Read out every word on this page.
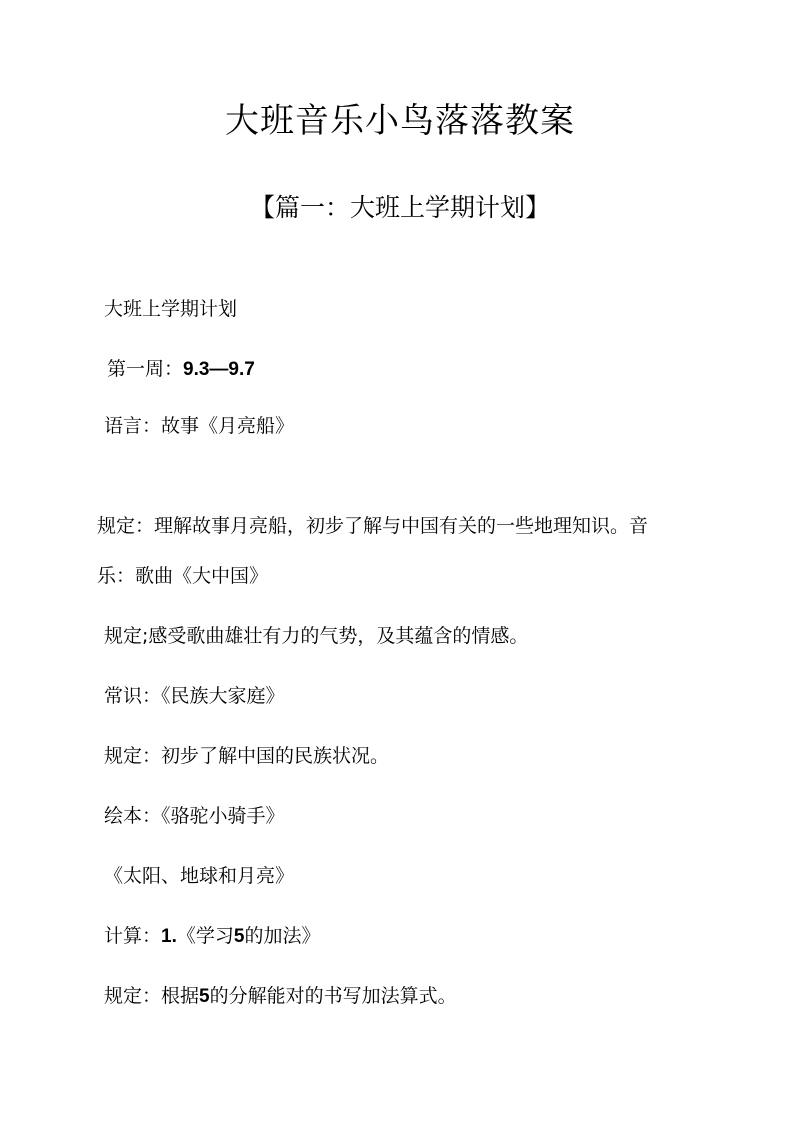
大班音乐小鸟落落教案
【篇一：大班上学期计划】

大班上学期计划

第一周：9.3—9.7

语言：故事《月亮船》

规定：理解故事月亮船，初步了解与中国有关的一些地理知识。音

乐：歌曲《大中国》

规定;感受歌曲雄壮有力的气势，及其蕴含的情感。

常识：《民族大家庭》

规定：初步了解中国的民族状况。

绘本：《骆驼小骑手》

《太阳、地球和月亮》

计算：1.《学习5的加法》

规定：根据5的分解能对的书写加法算式。
